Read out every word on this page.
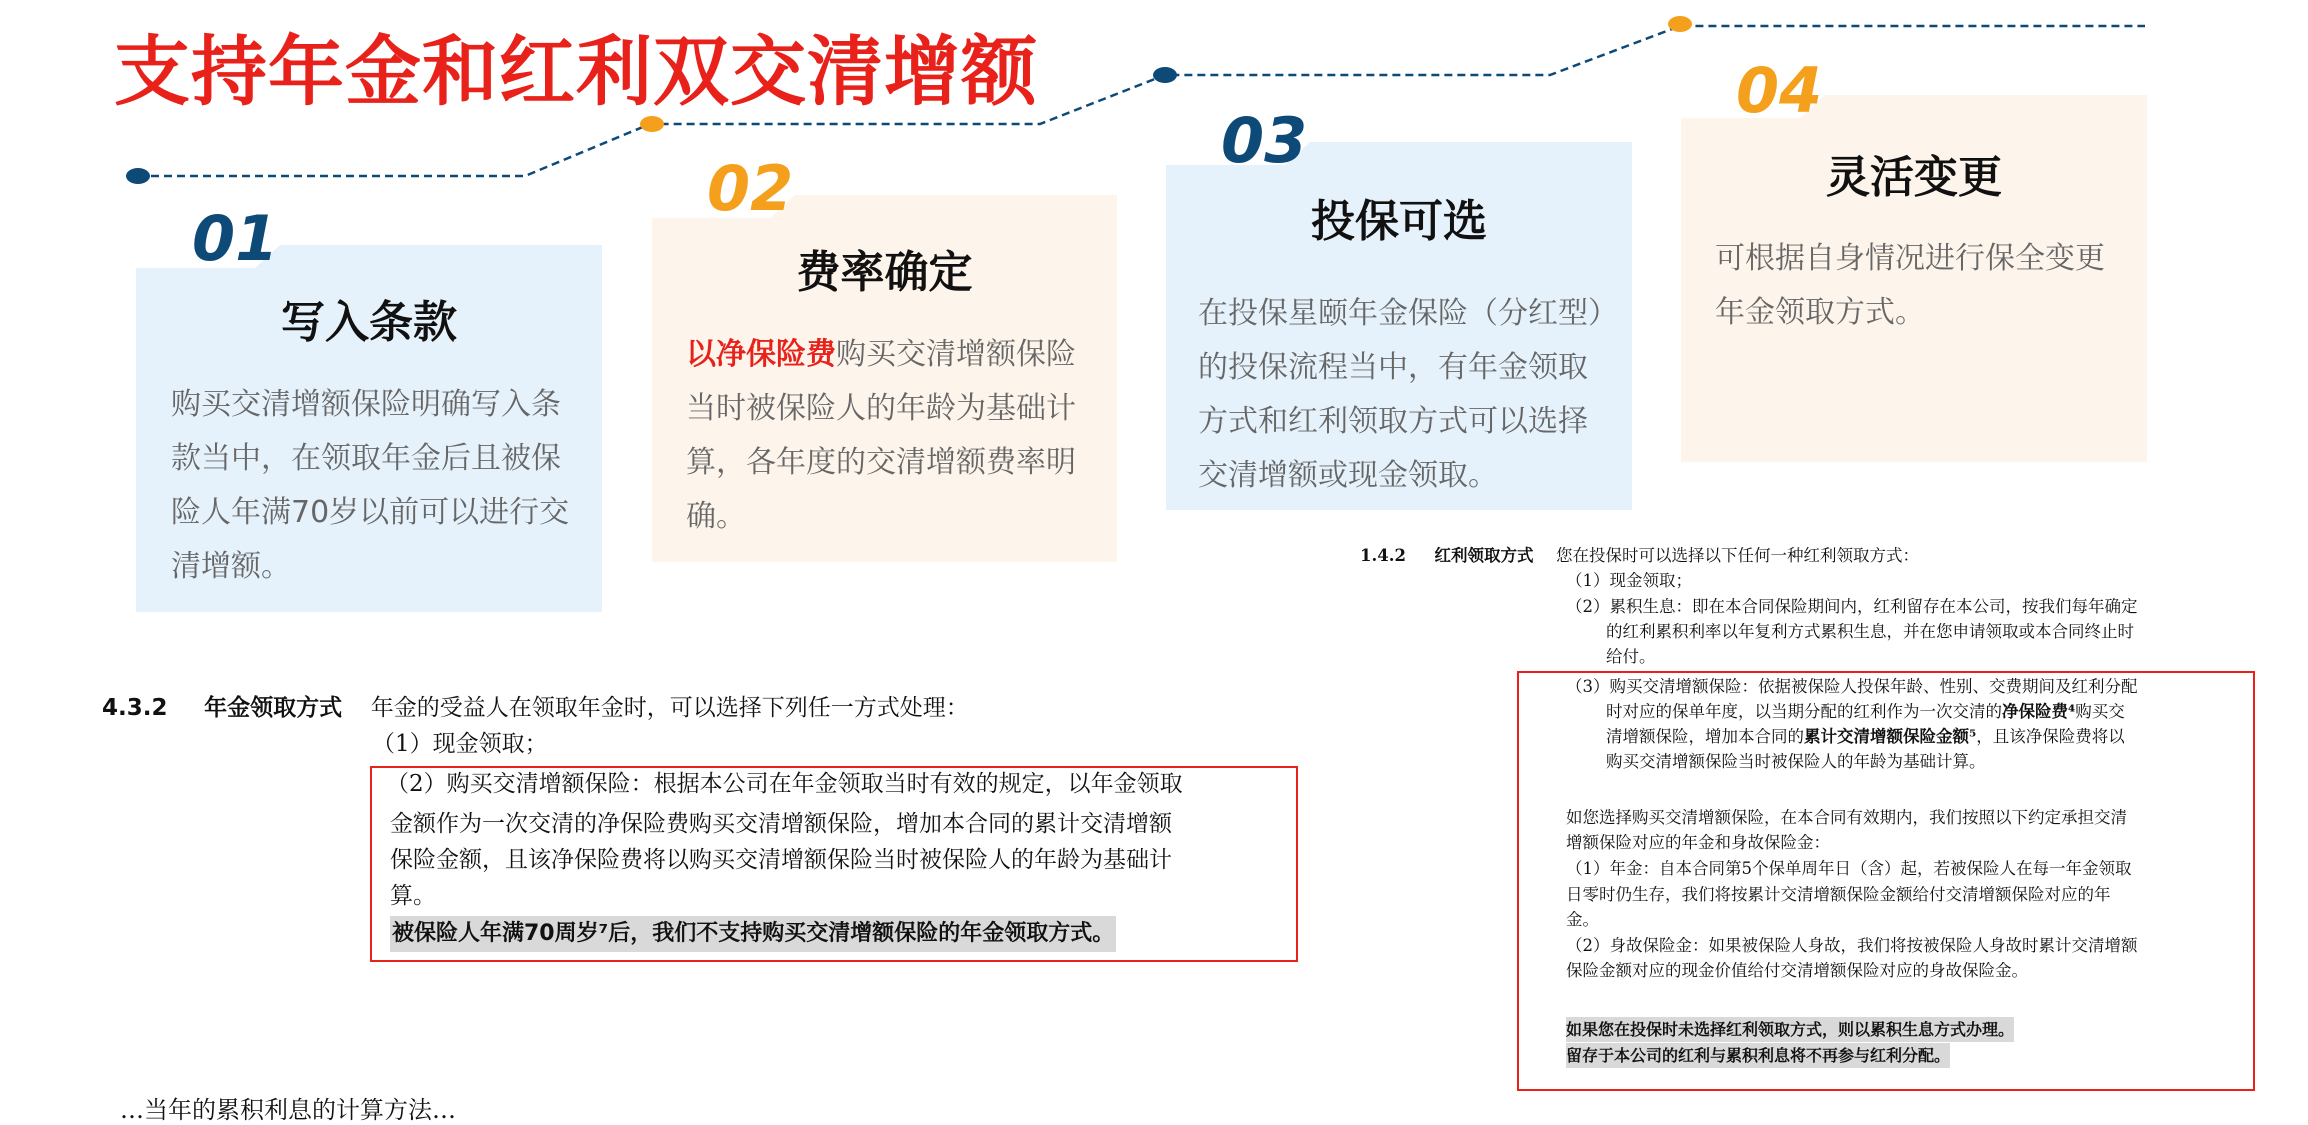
支持年金和红利双交清增额
01
写入条款
购买交清增额保险明确写入条
款当中，在领取年金后且被保
险人年满70岁以前可以进行交
清增额。
02
费率确定
以净保险费购买交清增额保险
当时被保险人的年龄为基础计
算，各年度的交清增额费率明
确。
03
投保可选
在投保星颐年金保险（分红型）
的投保流程当中，有年金领取
方式和红利领取方式可以选择
交清增额或现金领取。
04
灵活变更
可根据自身情况进行保全变更
年金领取方式。
4.3.2 年金领取方式 年金的受益人在领取年金时，可以选择下列任一方式处理：
（1）现金领取；
（2）购买交清增额保险：根据本公司在年金领取当时有效的规定，以年金领取
金额作为一次交清的净保险费购买交清增额保险，增加本合同的累计交清增额
保险金额，且该净保险费将以购买交清增额保险当时被保险人的年龄为基础计
算。
被保险人年满70周岁⁷后，我们不支持购买交清增额保险的年金领取方式。
1.4.2 红利领取方式 您在投保时可以选择以下任何一种红利领取方式：
（1）现金领取；
（2）累积生息：即在本合同保险期间内，红利留存在本公司，按我们每年确定
的红利累积利率以年复利方式累积生息，并在您申请领取或本合同终止时
给付。
（3）购买交清增额保险：依据被保险人投保年龄、性别、交费期间及红利分配
时对应的保单年度，以当期分配的红利作为一次交清的净保险费⁴购买交
清增额保险，增加本合同的累计交清增额保险金额⁵，且该净保险费将以
购买交清增额保险当时被保险人的年龄为基础计算。
如您选择购买交清增额保险，在本合同有效期内，我们按照以下约定承担交清
增额保险对应的年金和身故保险金：
（1）年金：自本合同第5个保单周年日（含）起，若被保险人在每一年金领取
日零时仍生存，我们将按累计交清增额保险金额给付交清增额保险对应的年
金。
（2）身故保险金：如果被保险人身故，我们将按被保险人身故时累计交清增额
保险金额对应的现金价值给付交清增额保险对应的身故保险金。
如果您在投保时未选择红利领取方式，则以累积生息方式办理。
留存于本公司的红利与累积利息将不再参与红利分配。
…当年的累积利息的计算方法…
